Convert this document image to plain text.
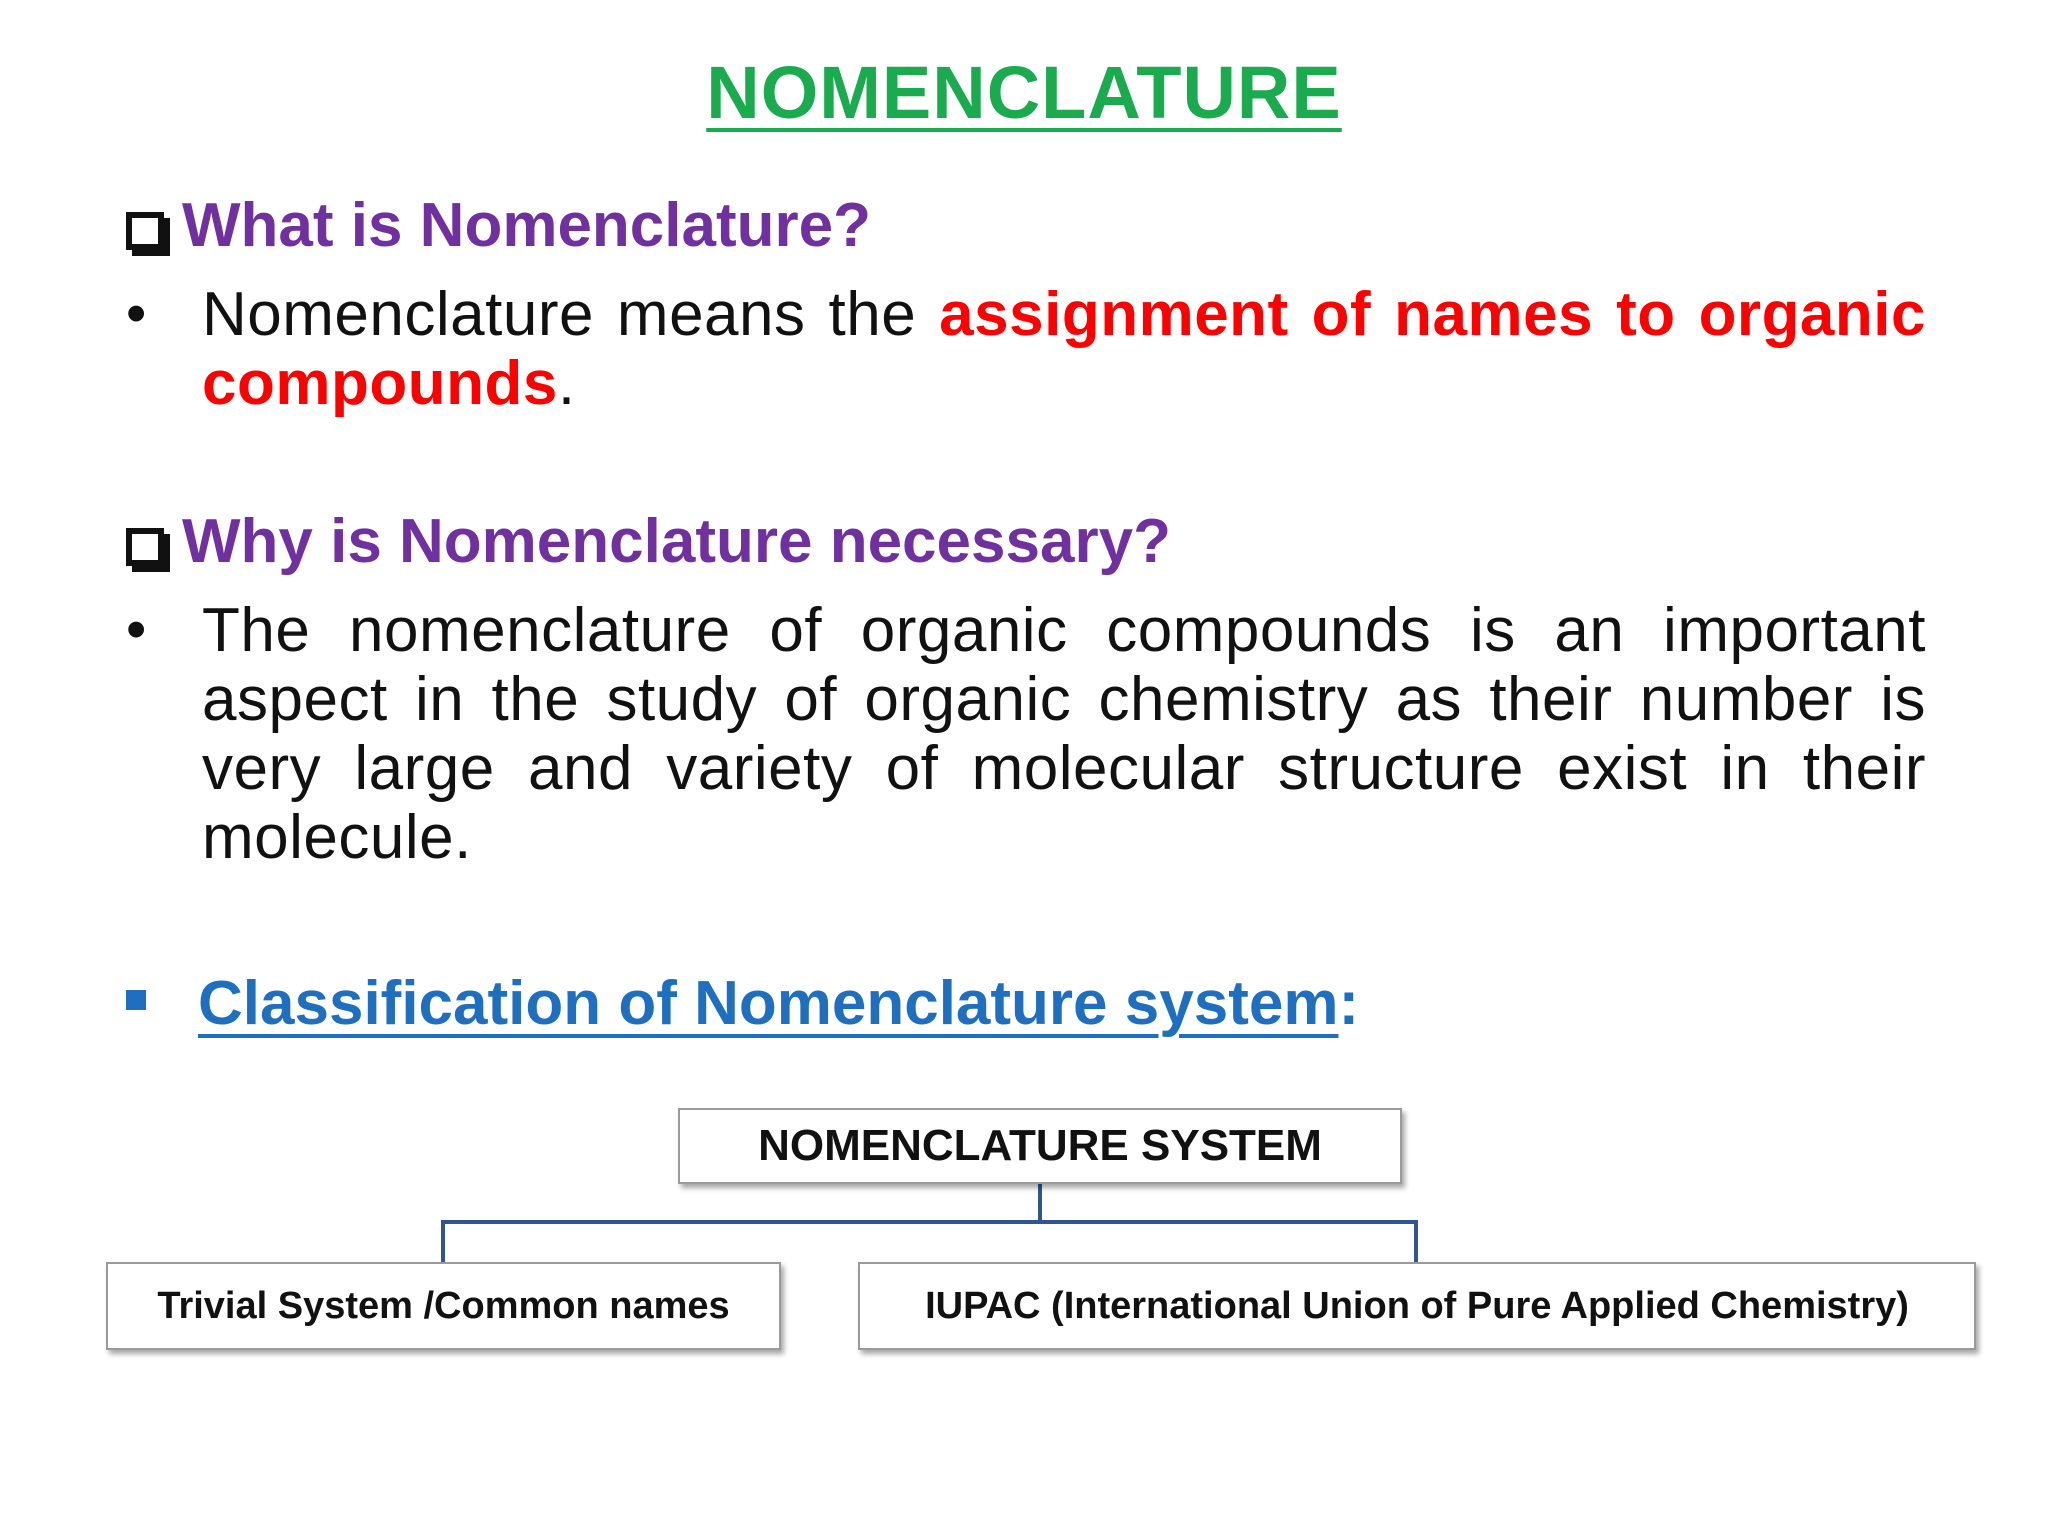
NOMENCLATURE
What is Nomenclature?
• Nomenclature means the assignment of names to organic compounds.
Why is Nomenclature necessary?
• The nomenclature of organic compounds is an important aspect in the study of organic chemistry as their number is very large and variety of molecular structure exist in their molecule.
Classification of Nomenclature system:
NOMENCLATURE SYSTEM
Trivial System /Common names	IUPAC (International Union of Pure Applied Chemistry)
